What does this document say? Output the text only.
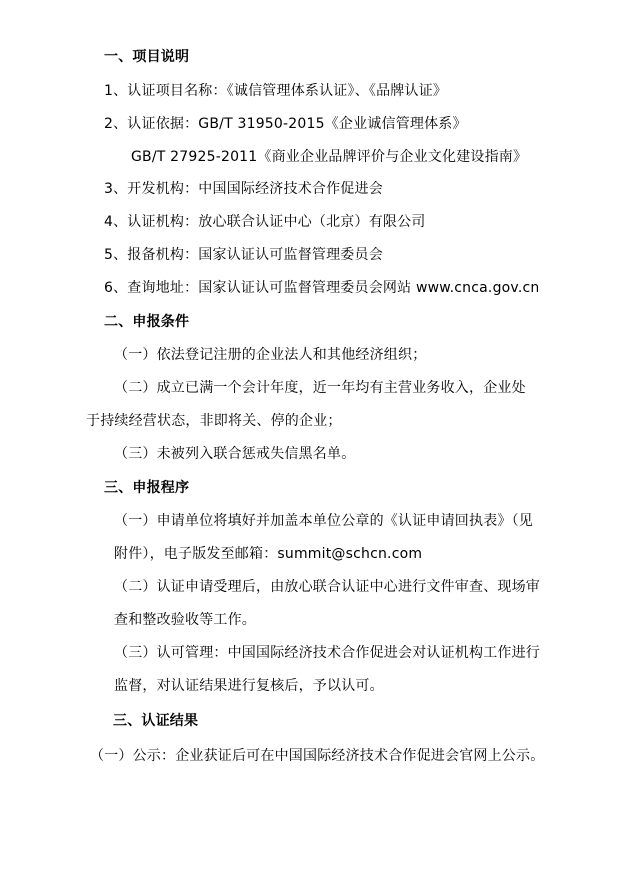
一、项目说明
1、认证项目名称：《诚信管理体系认证》、《品牌认证》
2、认证依据：GB/T 31950-2015《企业诚信管理体系》
GB/T 27925-2011《商业企业品牌评价与企业文化建设指南》
3、开发机构：中国国际经济技术合作促进会
4、认证机构：放心联合认证中心（北京）有限公司
5、报备机构：国家认证认可监督管理委员会
6、查询地址：国家认证认可监督管理委员会网站 www.cnca.gov.cn
二、申报条件
（一）依法登记注册的企业法人和其他经济组织；
（二）成立已满一个会计年度，近一年均有主营业务收入，企业处
于持续经营状态，非即将关、停的企业；
（三）未被列入联合惩戒失信黑名单。
三、申报程序
（一）申请单位将填好并加盖本单位公章的《认证申请回执表》（见
附件），电子版发至邮箱：summit@schcn.com
（二）认证申请受理后，由放心联合认证中心进行文件审查、现场审
查和整改验收等工作。
（三）认可管理：中国国际经济技术合作促进会对认证机构工作进行
监督，对认证结果进行复核后，予以认可。
三、认证结果
（一）公示：企业获证后可在中国国际经济技术合作促进会官网上公示。
